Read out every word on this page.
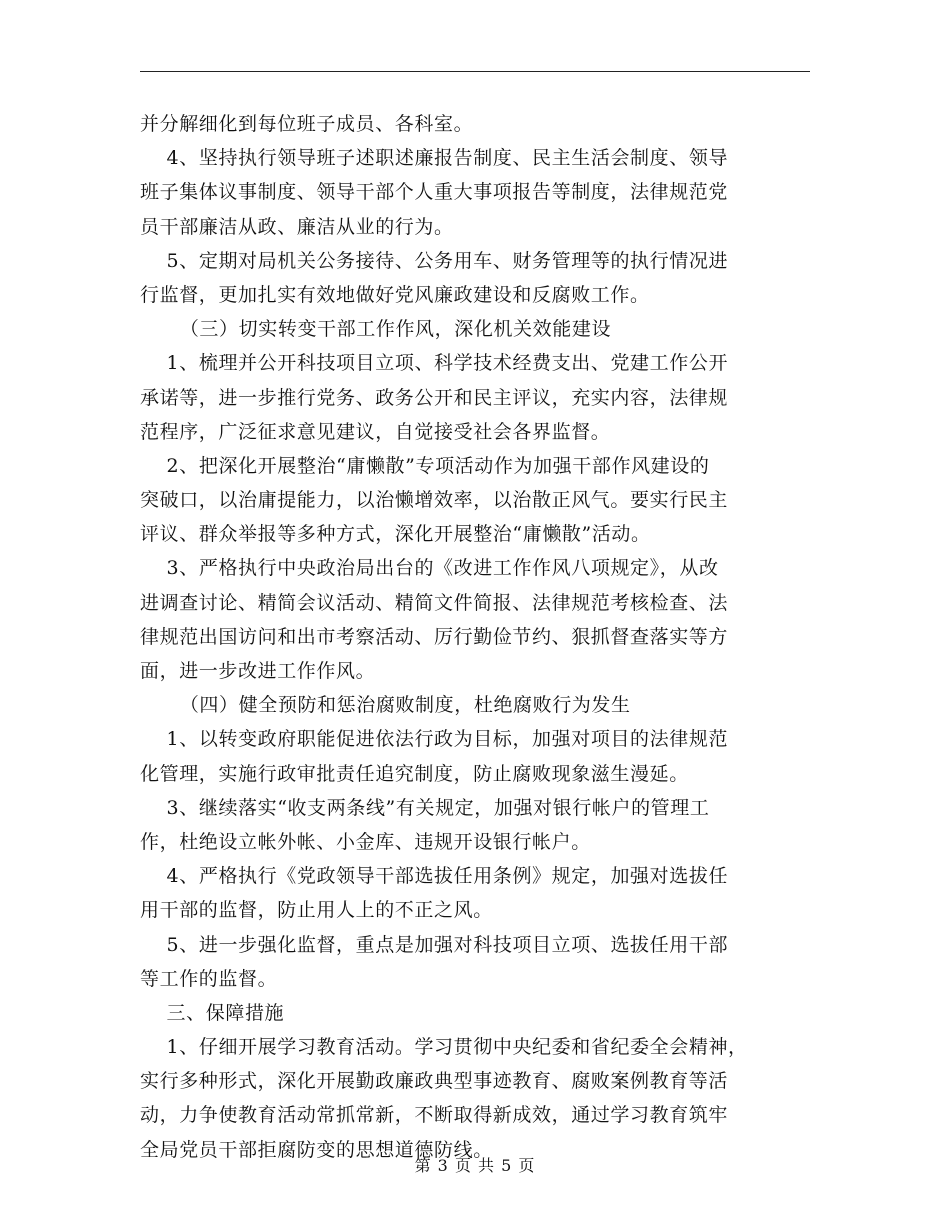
并分解细化到每位班子成员、各科室。
4、坚持执行领导班子述职述廉报告制度、民主生活会制度、领导
班子集体议事制度、领导干部个人重大事项报告等制度，法律规范党
员干部廉洁从政、廉洁从业的行为。
5、定期对局机关公务接待、公务用车、财务管理等的执行情况进
行监督，更加扎实有效地做好党风廉政建设和反腐败工作。
（三）切实转变干部工作作风，深化机关效能建设
1、梳理并公开科技项目立项、科学技术经费支出、党建工作公开
承诺等，进一步推行党务、政务公开和民主评议，充实内容，法律规
范程序，广泛征求意见建议，自觉接受社会各界监督。
2、把深化开展整治“庸懒散”专项活动作为加强干部作风建设的
突破口，以治庸提能力，以治懒增效率，以治散正风气。要实行民主
评议、群众举报等多种方式，深化开展整治“庸懒散”活动。
3、严格执行中央政治局出台的《改进工作作风八项规定》，从改
进调查讨论、精简会议活动、精简文件简报、法律规范考核检查、法
律规范出国访问和出市考察活动、厉行勤俭节约、狠抓督查落实等方
面，进一步改进工作作风。
（四）健全预防和惩治腐败制度，杜绝腐败行为发生
1、以转变政府职能促进依法行政为目标，加强对项目的法律规范
化管理，实施行政审批责任追究制度，防止腐败现象滋生漫延。
3、继续落实“收支两条线”有关规定，加强对银行帐户的管理工
作，杜绝设立帐外帐、小金库、违规开设银行帐户。
4、严格执行《党政领导干部选拔任用条例》规定，加强对选拔任
用干部的监督，防止用人上的不正之风。
5、进一步强化监督，重点是加强对科技项目立项、选拔任用干部
等工作的监督。
三、保障措施
1、仔细开展学习教育活动。学习贯彻中央纪委和省纪委全会精神，
实行多种形式，深化开展勤政廉政典型事迹教育、腐败案例教育等活
动，力争使教育活动常抓常新，不断取得新成效，通过学习教育筑牢
全局党员干部拒腐防变的思想道德防线。
第 3 页 共 5 页
